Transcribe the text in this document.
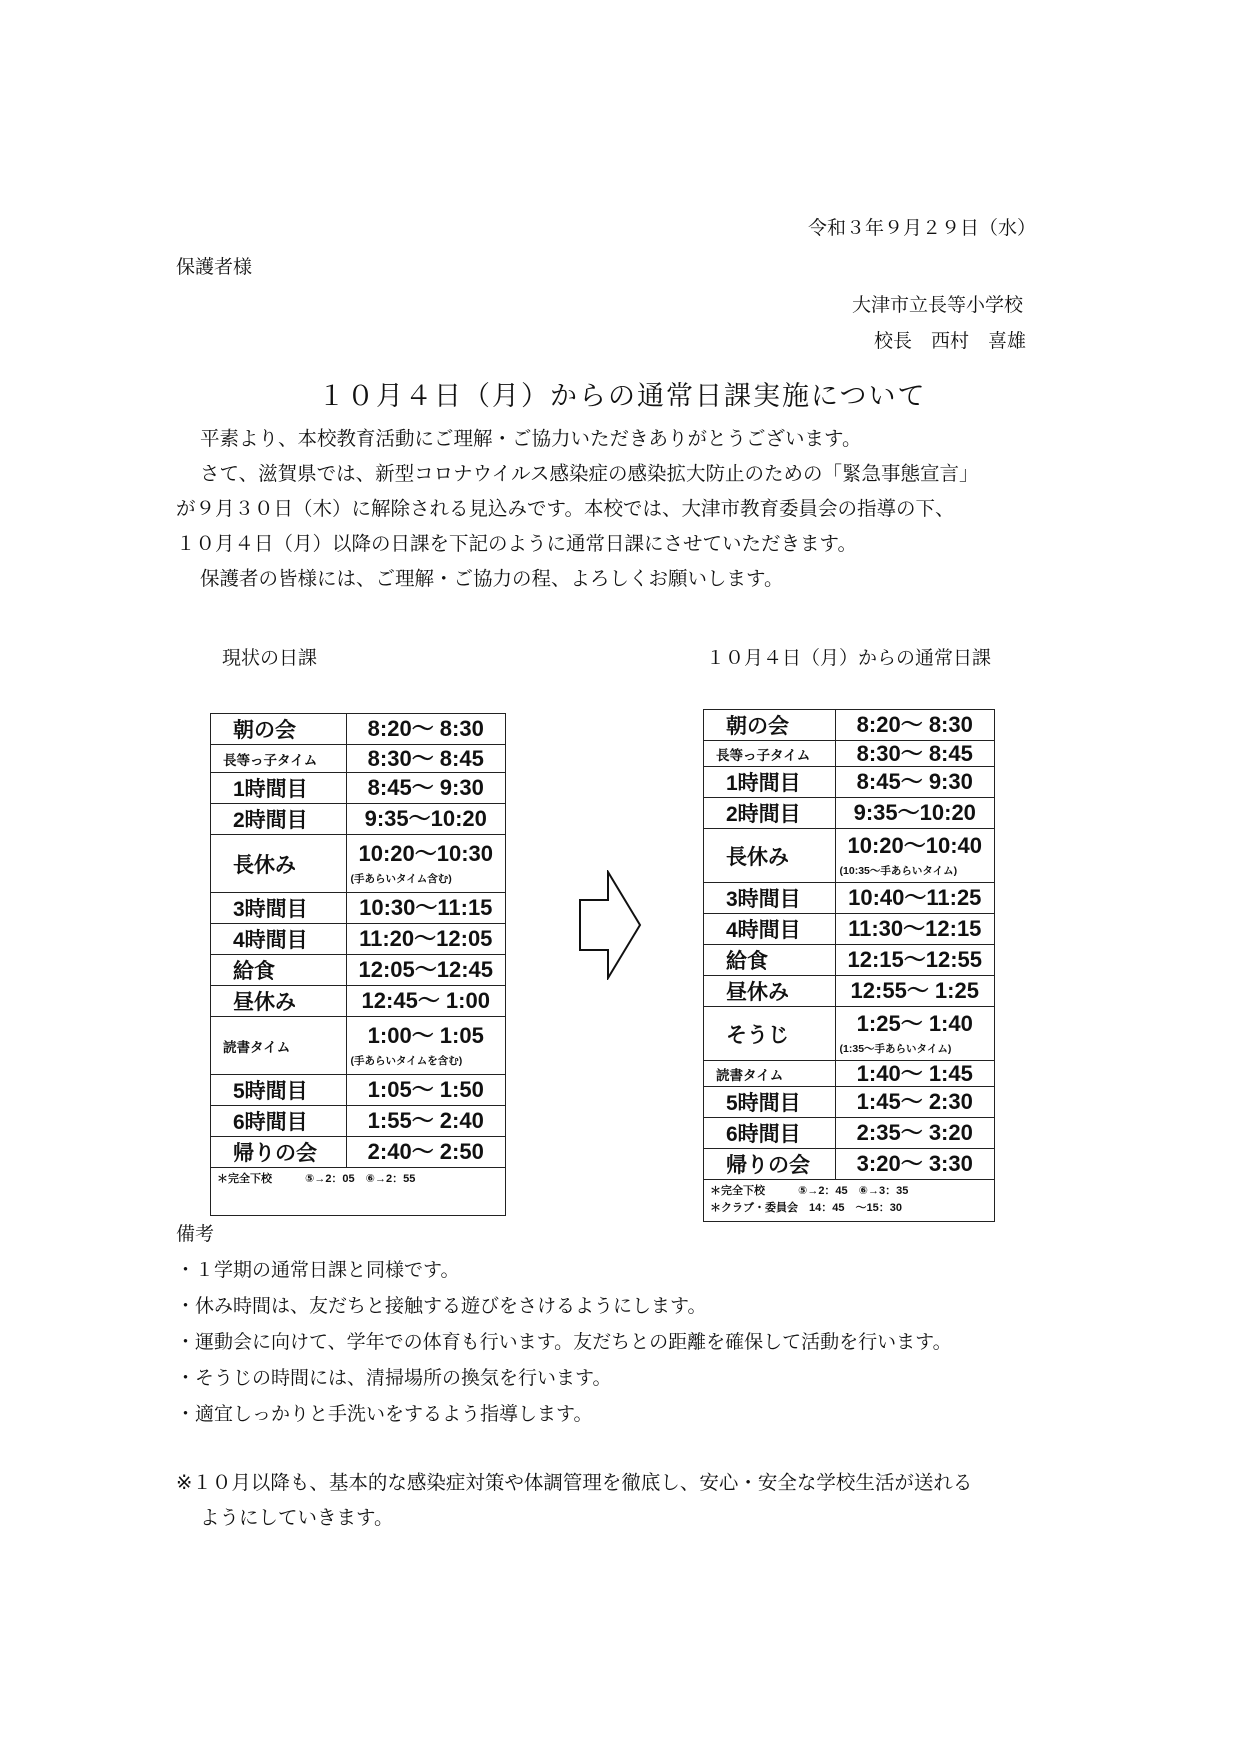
令和３年９月２９日（水）
保護者様
大津市立長等小学校
校長　西村　喜雄
１０月４日（月）からの通常日課実施について
平素より、本校教育活動にご理解・ご協力いただきありがとうございます。
さて、滋賀県では、新型コロナウイルス感染症の感染拡大防止のための「緊急事態宣言」
が９月３０日（木）に解除される見込みです。本校では、大津市教育委員会の指導の下、
１０月４日（月）以降の日課を下記のように通常日課にさせていただきます。
保護者の皆様には、ご理解・ご協力の程、よろしくお願いします。
現状の日課	１０月４日（月）からの通常日課
朝の会	8:20～ 8:30

長等っ子タイム	8:30～ 8:45

1時間目	8:45～ 9:30

2時間目	9:35～10:20

長休み	10:20～10:30
(手あらいタイム含む)

3時間目	10:30～11:15

4時間目	11:20～12:05

給食	12:05～12:45

昼休み	12:45～ 1:00

読書タイム	1:00～ 1:05
(手あらいタイムを含む)

5時間目	1:05～ 1:50

6時間目	1:55～ 2:40

帰りの会	2:40～ 2:50

＊完全下校　　　⑤→2：05　⑥→2：55	
朝の会	8:20～ 8:30

長等っ子タイム	8:30～ 8:45

1時間目	8:45～ 9:30

2時間目	9:35～10:20

長休み	10:20～10:40
(10:35～手あらいタイム)

3時間目	10:40～11:25

4時間目	11:30～12:15

給食	12:15～12:55

昼休み	12:55～ 1:25

そうじ	1:25～ 1:40
(1:35～手あらいタイム)

読書タイム	1:40～ 1:45

5時間目	1:45～ 2:30

6時間目	2:35～ 3:20

帰りの会	3:20～ 3:30

＊完全下校　　　⑤→2：45　⑥→3：35
＊クラブ・委員会　14：45　～15：30	
備考
・１学期の通常日課と同様です。
・休み時間は、友だちと接触する遊びをさけるようにします。
・運動会に向けて、学年での体育も行います。友だちとの距離を確保して活動を行います。
・そうじの時間には、清掃場所の換気を行います。
・適宜しっかりと手洗いをするよう指導します。
※１０月以降も、基本的な感染症対策や体調管理を徹底し、安心・安全な学校生活が送れる
ようにしていきます。
